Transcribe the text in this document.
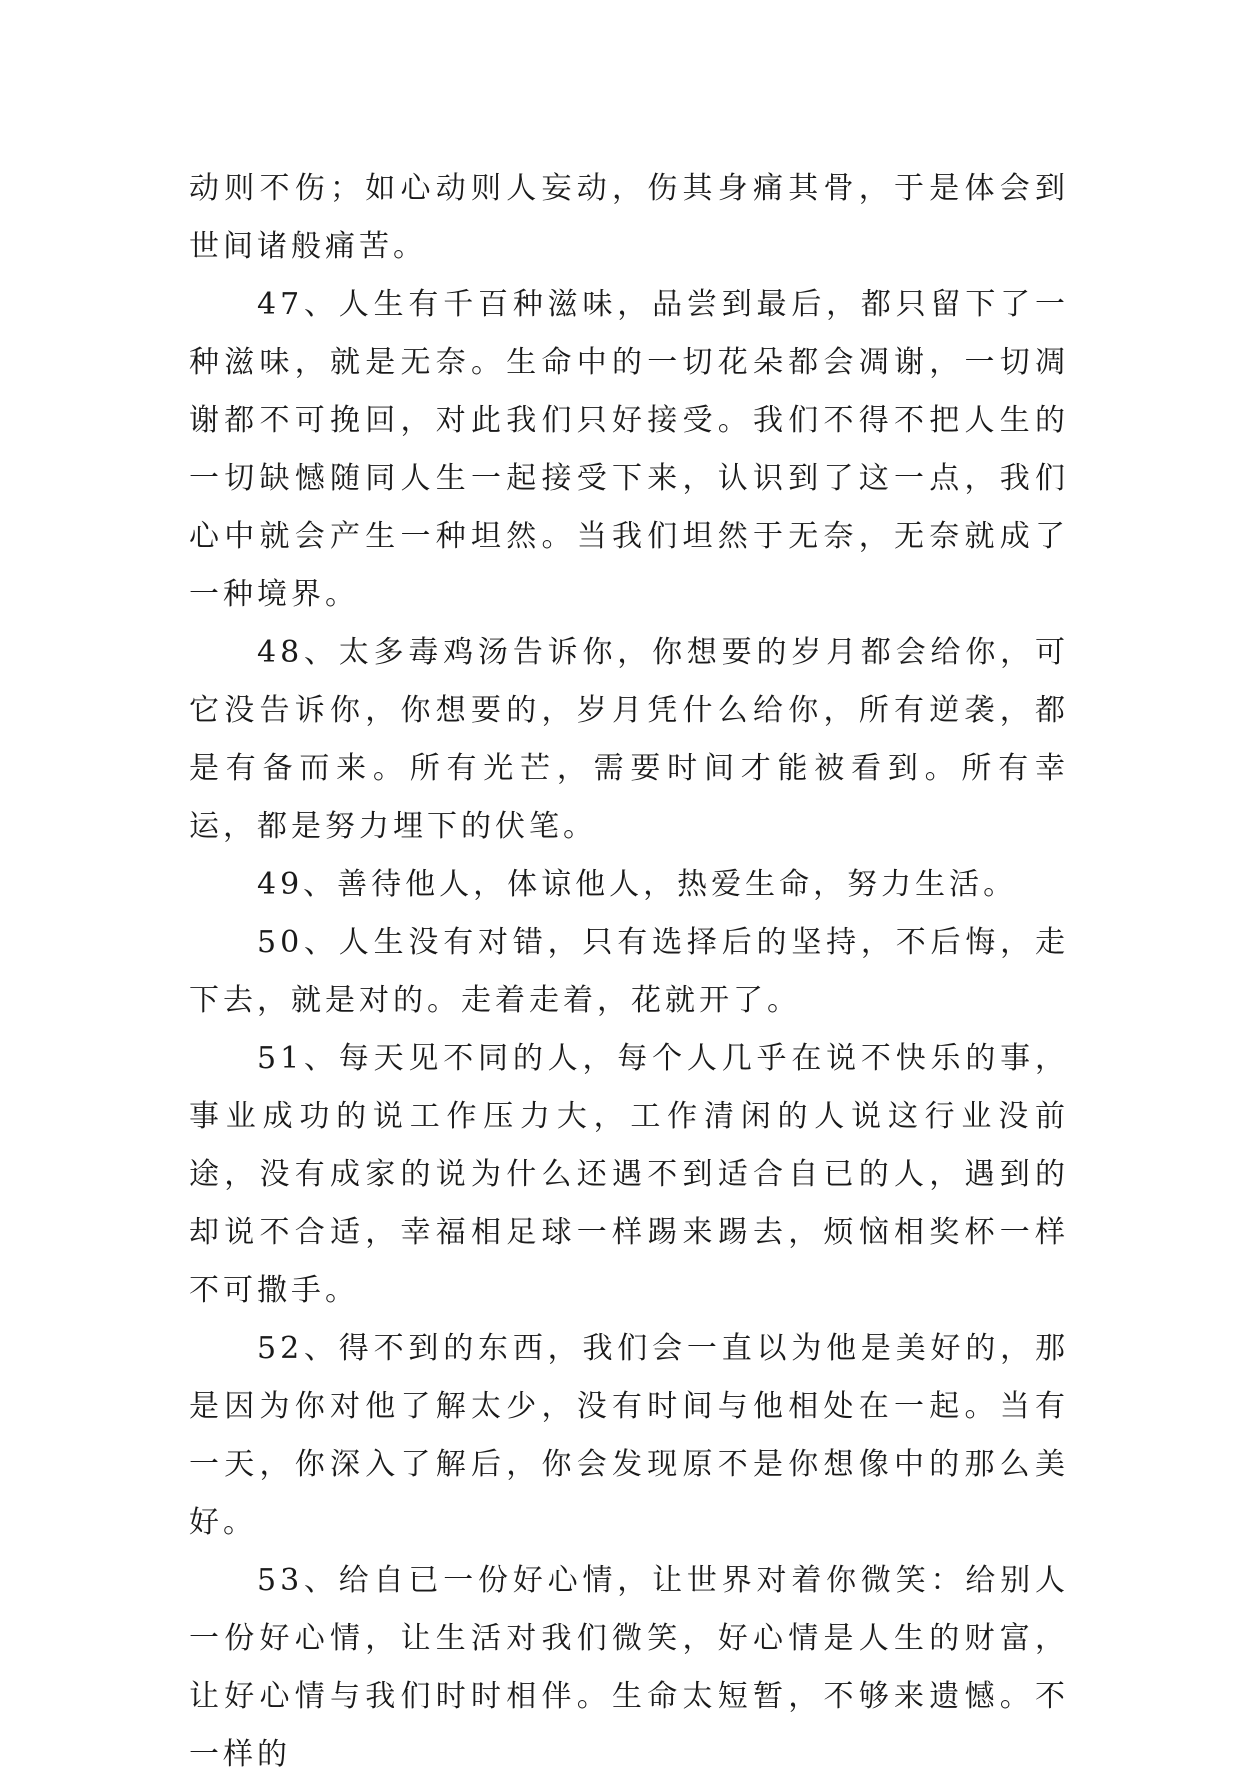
动则不伤；如心动则人妄动，伤其身痛其骨，于是体会到世间诸般痛苦。

47、人生有千百种滋味，品尝到最后，都只留下了一种滋味，就是无奈。生命中的一切花朵都会凋谢，一切凋谢都不可挽回，对此我们只好接受。我们不得不把人生的一切缺憾随同人生一起接受下来，认识到了这一点，我们心中就会产生一种坦然。当我们坦然于无奈，无奈就成了一种境界。

48、太多毒鸡汤告诉你，你想要的岁月都会给你，可它没告诉你，你想要的，岁月凭什么给你，所有逆袭，都是有备而来。所有光芒，需要时间才能被看到。所有幸运，都是努力埋下的伏笔。

49、善待他人，体谅他人，热爱生命，努力生活。

50、人生没有对错，只有选择后的坚持，不后悔，走下去，就是对的。走着走着，花就开了。

51、每天见不同的人，每个人几乎在说不快乐的事，事业成功的说工作压力大，工作清闲的人说这行业没前途，没有成家的说为什么还遇不到适合自已的人，遇到的却说不合适，幸福相足球一样踢来踢去，烦恼相奖杯一样不可撒手。

52、得不到的东西，我们会一直以为他是美好的，那是因为你对他了解太少，没有时间与他相处在一起。当有一天，你深入了解后，你会发现原不是你想像中的那么美好。

53、给自已一份好心情，让世界对着你微笑：给别人一份好心情，让生活对我们微笑，好心情是人生的财富，让好心情与我们时时相伴。生命太短暂，不够来遗憾。不一样的
